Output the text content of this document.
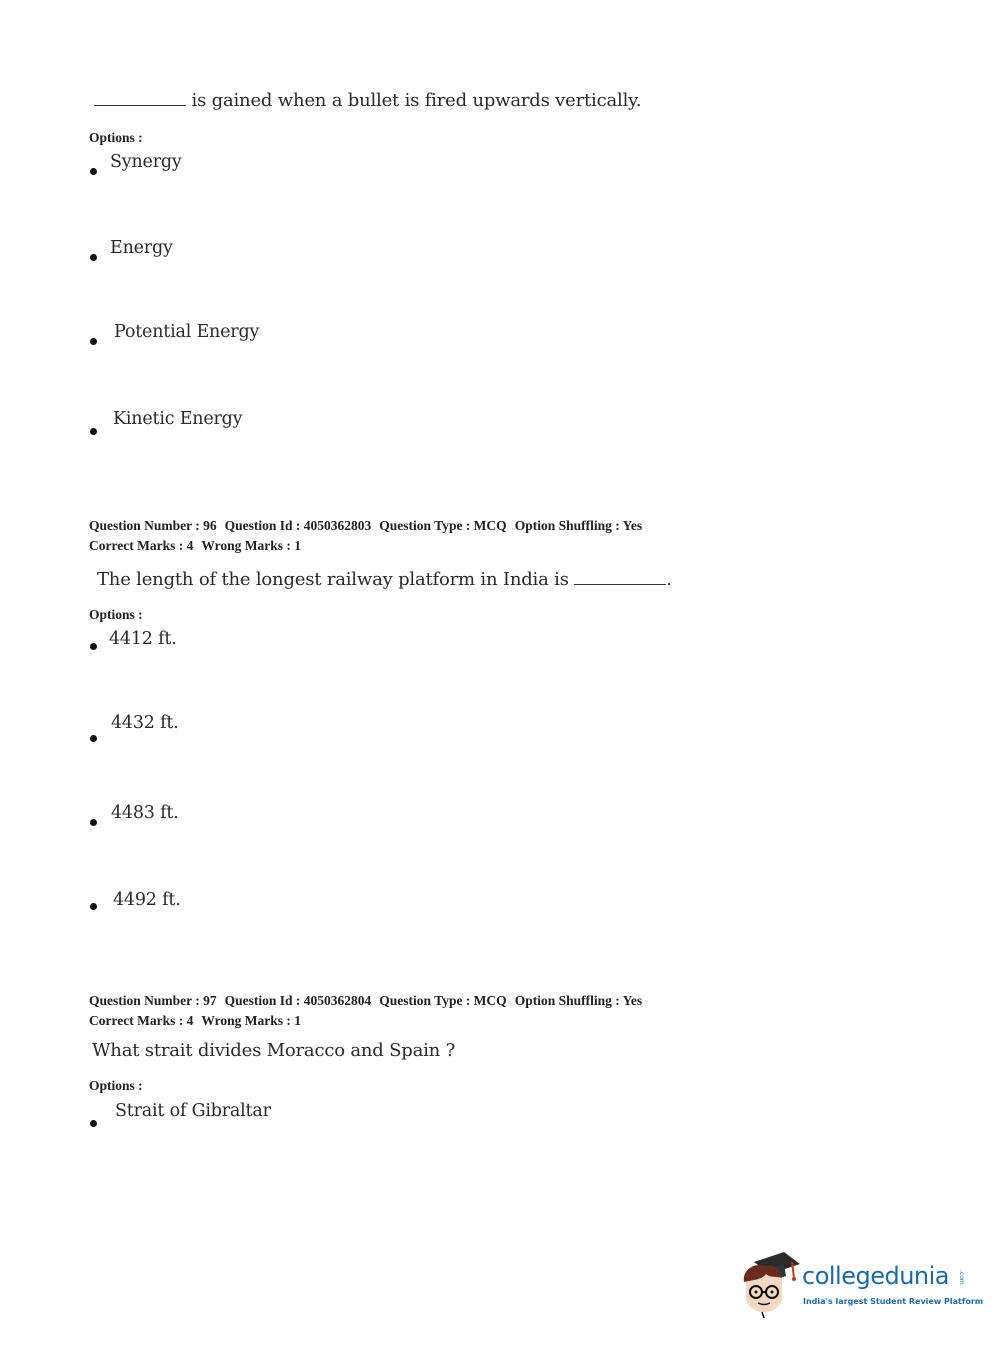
is gained when a bullet is fired upwards vertically.
Options :
Synergy
Energy
Potential Energy
Kinetic Energy
Question Number : 96 Question Id : 4050362803 Question Type : MCQ Option Shuffling : Yes
Correct Marks : 4 Wrong Marks : 1
The length of the longest railway platform in India is	.
Options :
4412 ft.
4432 ft.
4483 ft.
4492 ft.
Question Number : 97 Question Id : 4050362804 Question Type : MCQ Option Shuffling : Yes
Correct Marks : 4 Wrong Marks : 1
What strait divides Moracco and Spain ?
Options :
Strait of Gibraltar
collegedunia .com
India's largest Student Review Platform
